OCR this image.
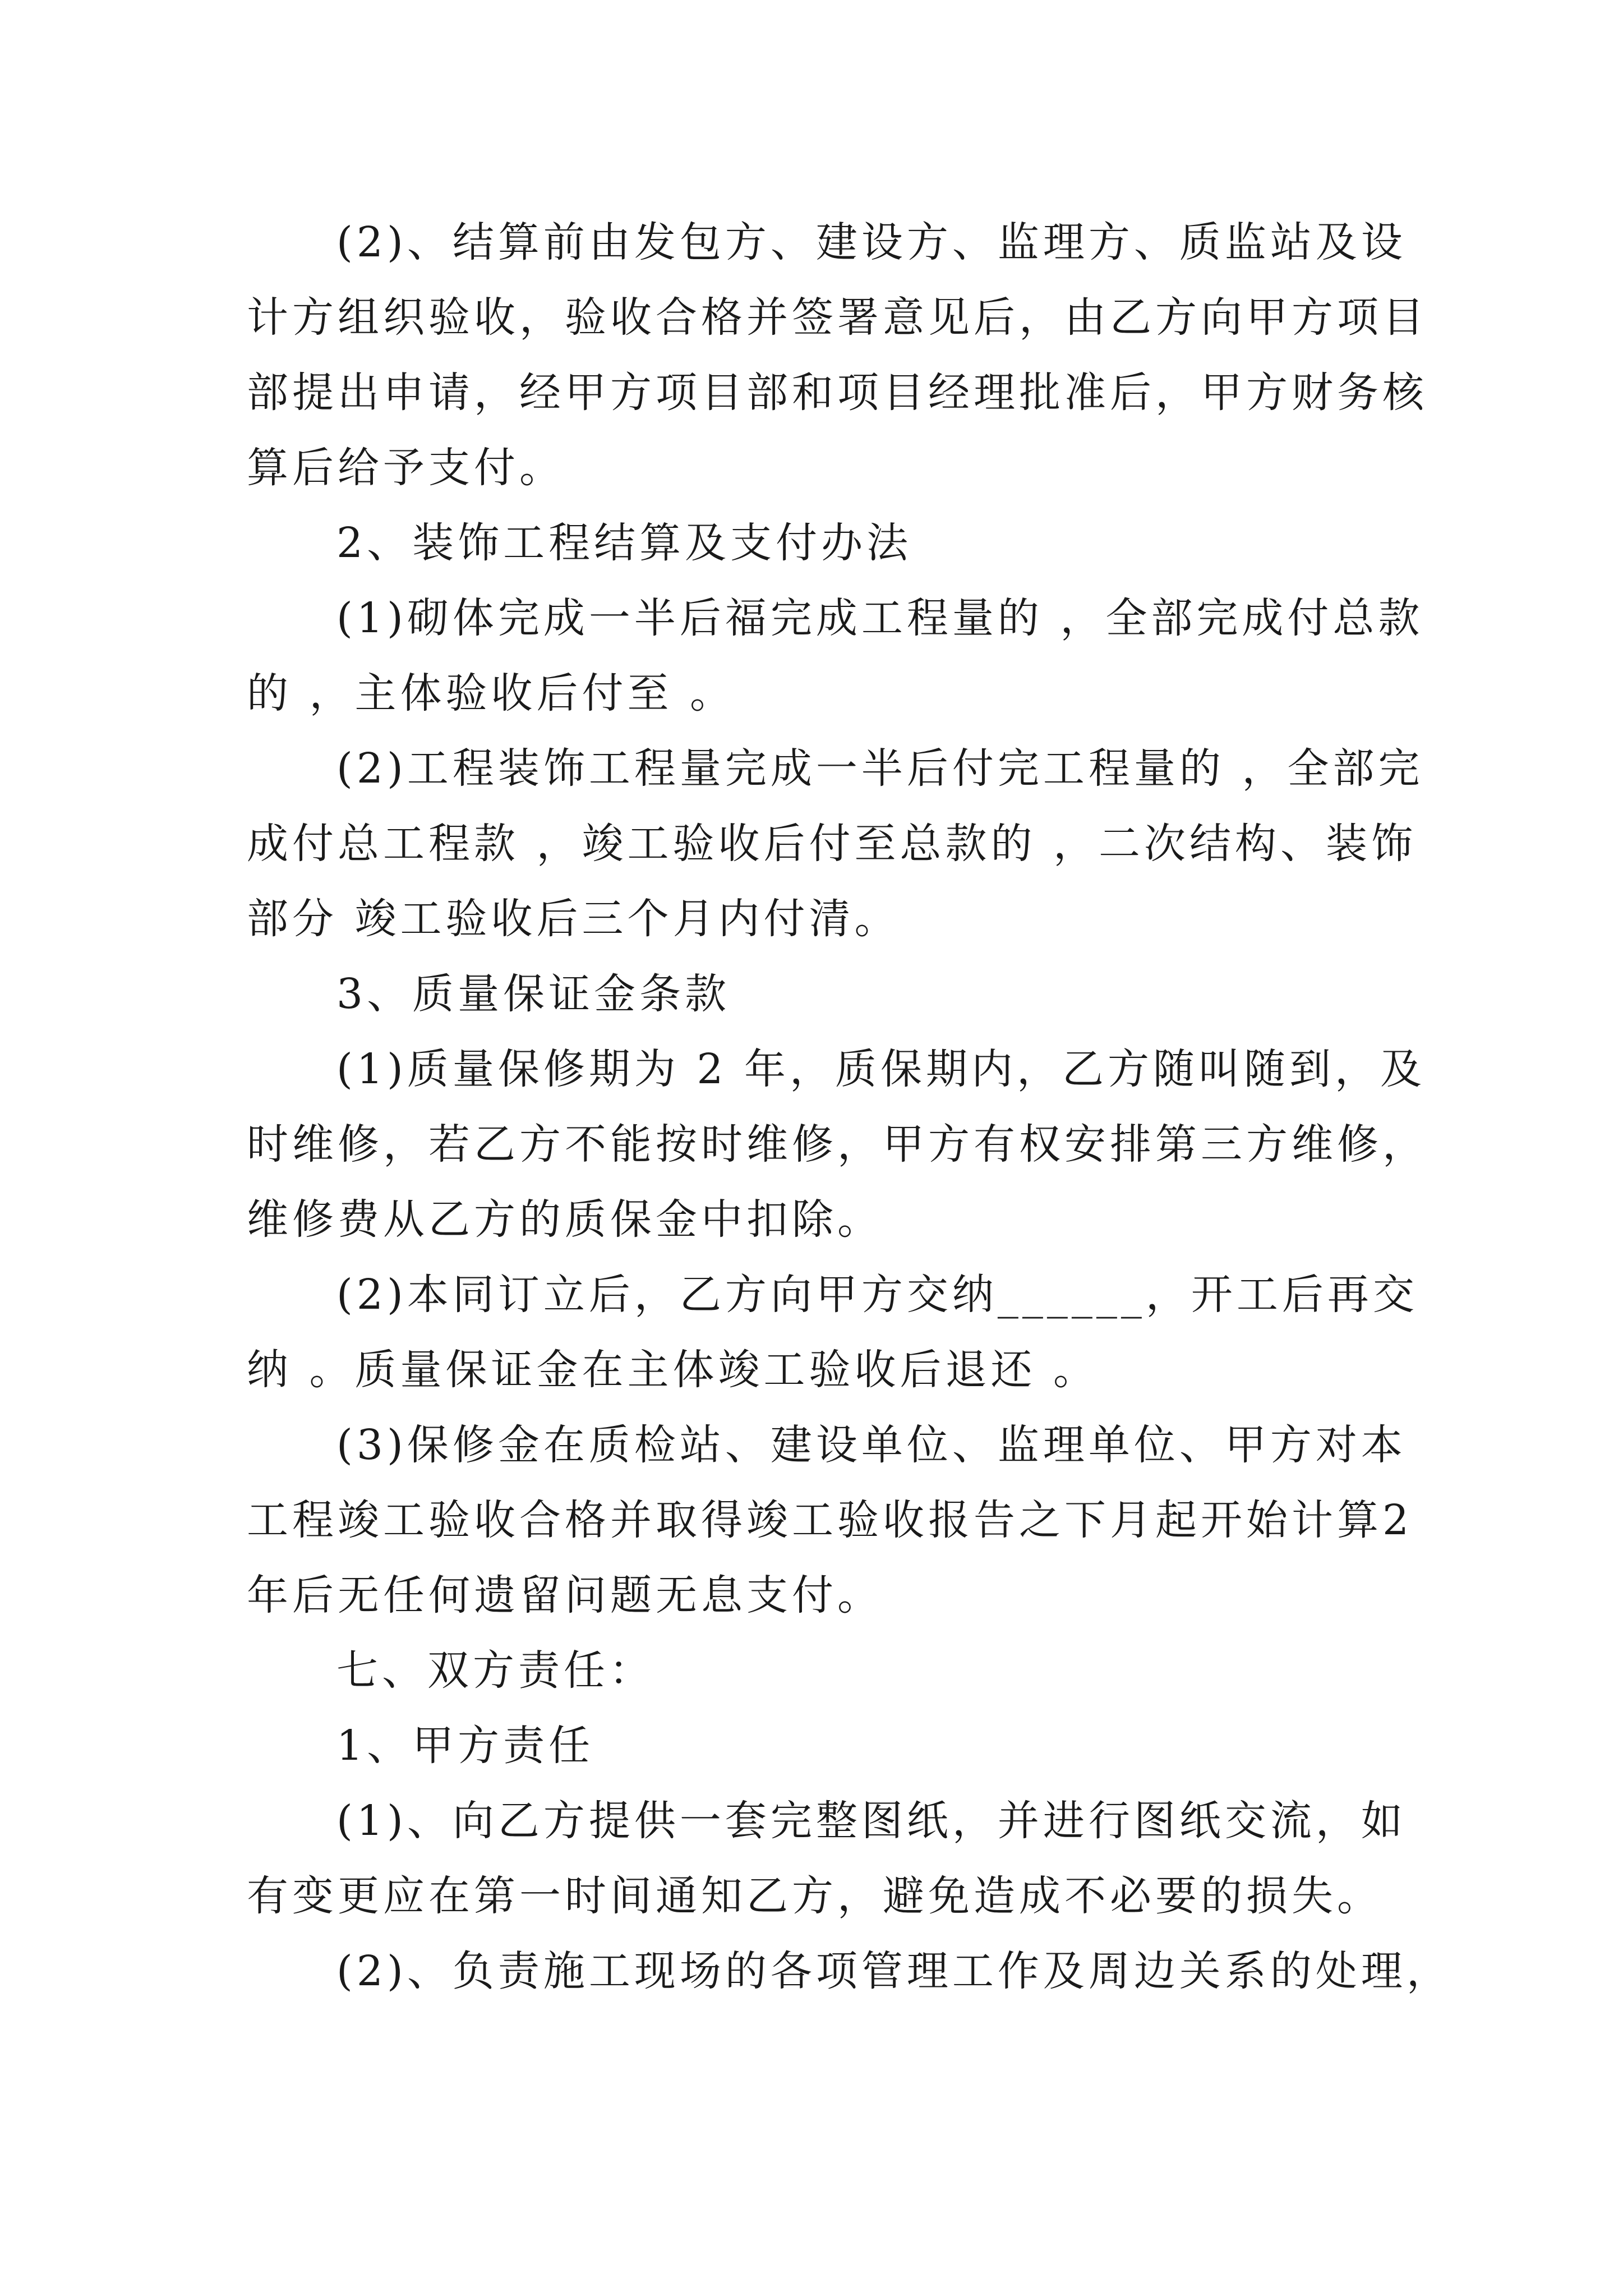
(2)、结算前由发包方、建设方、监理方、质监站及设
计方组织验收，验收合格并签署意见后，由乙方向甲方项目
部提出申请，经甲方项目部和项目经理批准后，甲方财务核
算后给予支付。
2、装饰工程结算及支付办法
(1)砌体完成一半后福完成工程量的 ，全部完成付总款
的 ，主体验收后付至 。
(2)工程装饰工程量完成一半后付完工程量的 ，全部完
成付总工程款 ，竣工验收后付至总款的 ，二次结构、装饰
部分 竣工验收后三个月内付清。
3、质量保证金条款
(1)质量保修期为 2 年，质保期内，乙方随叫随到，及
时维修，若乙方不能按时维修，甲方有权安排第三方维修，
维修费从乙方的质保金中扣除。
(2)本同订立后，乙方向甲方交纳______，开工后再交
纳 。质量保证金在主体竣工验收后退还 。
(3)保修金在质检站、建设单位、监理单位、甲方对本
工程竣工验收合格并取得竣工验收报告之下月起开始计算2
年后无任何遗留问题无息支付。
七、双方责任：
1、甲方责任
(1)、向乙方提供一套完整图纸，并进行图纸交流，如
有变更应在第一时间通知乙方，避免造成不必要的损失。
(2)、负责施工现场的各项管理工作及周边关系的处理，
